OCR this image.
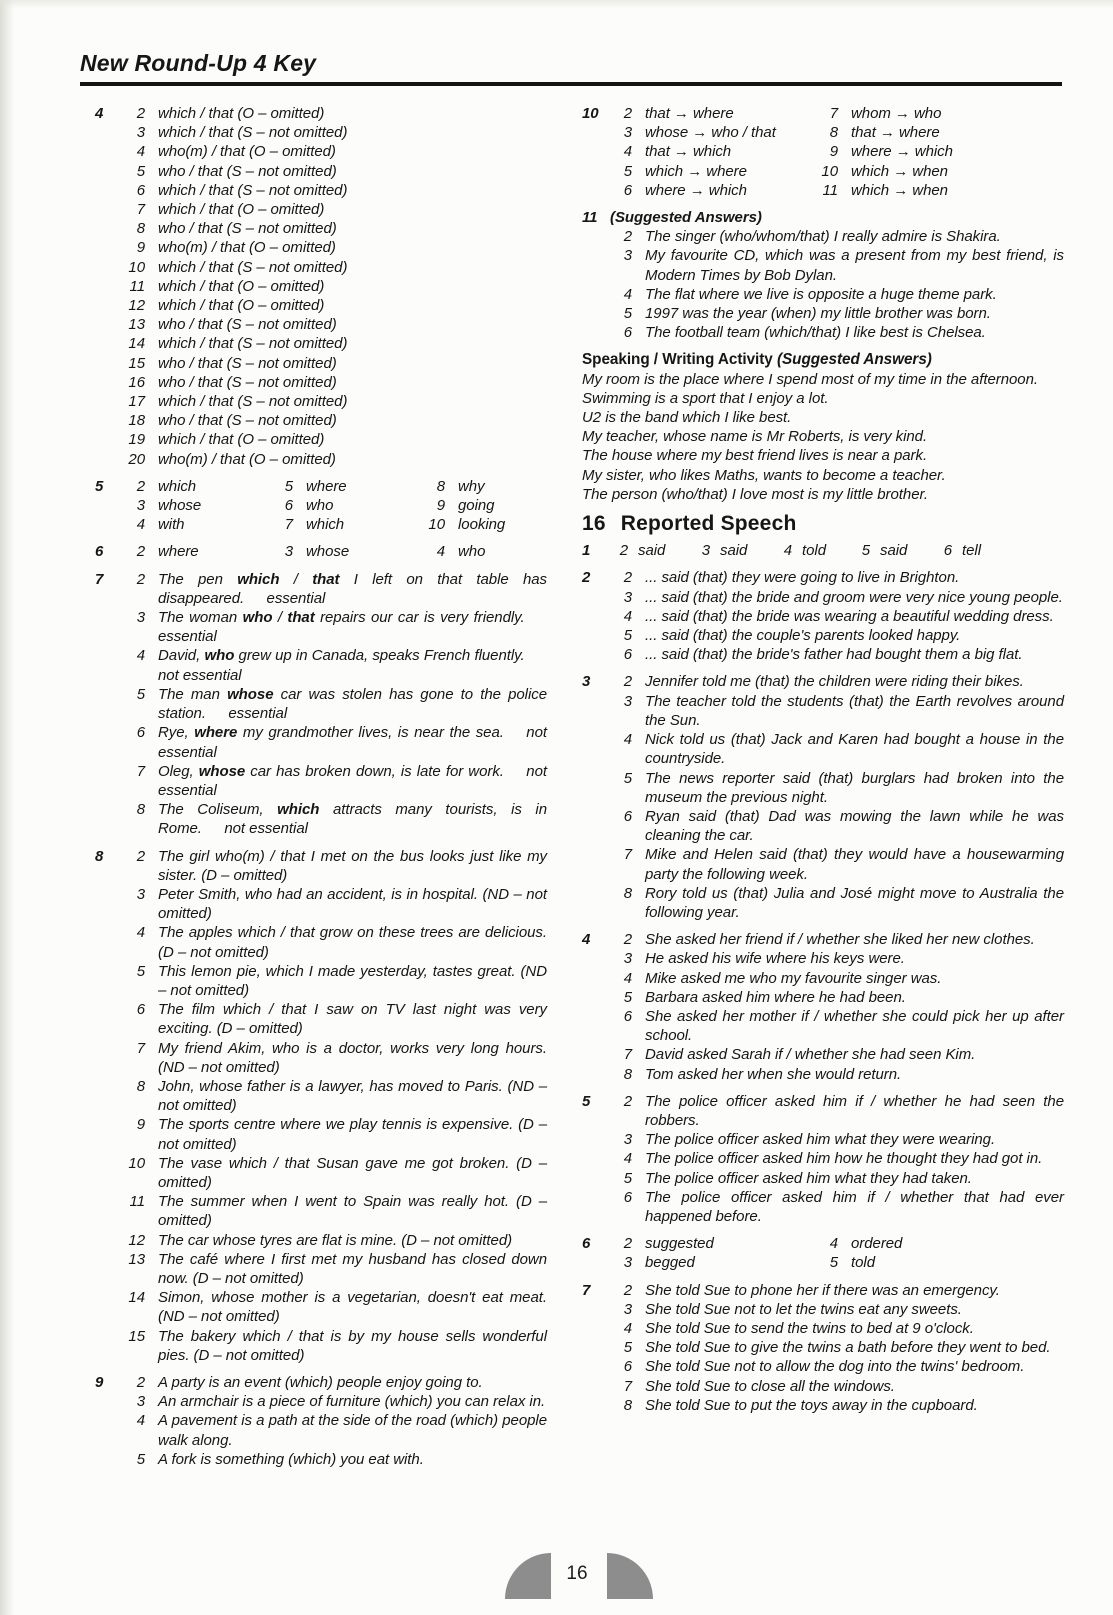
New Round-Up 4 Key
4	2 which / that (O – omitted)
3 which / that (S – not omitted)
4 who(m) / that (O – omitted)
5 who / that (S – not omitted)
6 which / that (S – not omitted)
7 which / that (O – omitted)
8 who / that (S – not omitted)
9 who(m) / that (O – omitted)
10 which / that (S – not omitted)
11 which / that (O – omitted)
12 which / that (O – omitted)
13 who / that (S – not omitted)
14 which / that (S – not omitted)
15 who / that (S – not omitted)
16 who / that (S – not omitted)
17 which / that (S – not omitted)
18 who / that (S – not omitted)
19 which / that (O – omitted)
20 who(m) / that (O – omitted)
5	2 which	5 where	8 why
3 whose	6 who	9 going
4 with	7 which	10 looking
6	2 where	3 whose	4 who
7	2 The pen which / that I left on that table has disappeared.  essential
3 The woman who / that repairs our car is very friendly.  essential
4 David, who grew up in Canada, speaks French fluently.  not essential
5 The man whose car was stolen has gone to the police station.  essential
6 Rye, where my grandmother lives, is near the sea.  not essential
7 Oleg, whose car has broken down, is late for work.  not essential
8 The Coliseum, which attracts many tourists, is in Rome.  not essential
8	2 The girl who(m) / that I met on the bus looks just like my sister. (D – omitted)
3 Peter Smith, who had an accident, is in hospital. (ND – not omitted)
4 The apples which / that grow on these trees are delicious. (D – not omitted)
5 This lemon pie, which I made yesterday, tastes great. (ND – not omitted)
6 The film which / that I saw on TV last night was very exciting. (D – omitted)
7 My friend Akim, who is a doctor, works very long hours. (ND – not omitted)
8 John, whose father is a lawyer, has moved to Paris. (ND – not omitted)
9 The sports centre where we play tennis is expensive. (D – not omitted)
10 The vase which / that Susan gave me got broken. (D – omitted)
11 The summer when I went to Spain was really hot. (D – omitted)
12 The car whose tyres are flat is mine. (D – not omitted)
13 The café where I first met my husband has closed down now. (D – not omitted)
14 Simon, whose mother is a vegetarian, doesn't eat meat. (ND – not omitted)
15 The bakery which / that is by my house sells wonderful pies. (D – not omitted)
9	2 A party is an event (which) people enjoy going to.
3 An armchair is a piece of furniture (which) you can relax in.
4 A pavement is a path at the side of the road (which) people walk along.
5 A fork is something (which) you eat with.
10	2 that → where	7 whom → who
3 whose → who / that	8 that → where
4 that → which	9 where → which
5 which → where	10 which → when
6 where → which	11 which → when
11 (Suggested Answers)
2 The singer (who/whom/that) I really admire is Shakira.
3 My favourite CD, which was a present from my best friend, is Modern Times by Bob Dylan.
4 The flat where we live is opposite a huge theme park.
5 1997 was the year (when) my little brother was born.
6 The football team (which/that) I like best is Chelsea.
Speaking / Writing Activity (Suggested Answers)
My room is the place where I spend most of my time in the afternoon.
Swimming is a sport that I enjoy a lot.
U2 is the band which I like best.
My teacher, whose name is Mr Roberts, is very kind.
The house where my best friend lives is near a park.
My sister, who likes Maths, wants to become a teacher.
The person (who/that) I love most is my little brother.
16 Reported Speech
1	2 said	3 said	4 told	5 said	6 tell
2	2 ... said (that) they were going to live in Brighton.
3 ... said (that) the bride and groom were very nice young people.
4 ... said (that) the bride was wearing a beautiful wedding dress.
5 ... said (that) the couple's parents looked happy.
6 ... said (that) the bride's father had bought them a big flat.
3	2 Jennifer told me (that) the children were riding their bikes.
3 The teacher told the students (that) the Earth revolves around the Sun.
4 Nick told us (that) Jack and Karen had bought a house in the countryside.
5 The news reporter said (that) burglars had broken into the museum the previous night.
6 Ryan said (that) Dad was mowing the lawn while he was cleaning the car.
7 Mike and Helen said (that) they would have a housewarming party the following week.
8 Rory told us (that) Julia and José might move to Australia the following year.
4	2 She asked her friend if / whether she liked her new clothes.
3 He asked his wife where his keys were.
4 Mike asked me who my favourite singer was.
5 Barbara asked him where he had been.
6 She asked her mother if / whether she could pick her up after school.
7 David asked Sarah if / whether she had seen Kim.
8 Tom asked her when she would return.
5	2 The police officer asked him if / whether he had seen the robbers.
3 The police officer asked him what they were wearing.
4 The police officer asked him how he thought they had got in.
5 The police officer asked him what they had taken.
6 The police officer asked him if / whether that had ever happened before.
6	2 suggested	4 ordered
3 begged	5 told
7	2 She told Sue to phone her if there was an emergency.
3 She told Sue not to let the twins eat any sweets.
4 She told Sue to send the twins to bed at 9 o'clock.
5 She told Sue to give the twins a bath before they went to bed.
6 She told Sue not to allow the dog into the twins' bedroom.
7 She told Sue to close all the windows.
8 She told Sue to put the toys away in the cupboard.
16
